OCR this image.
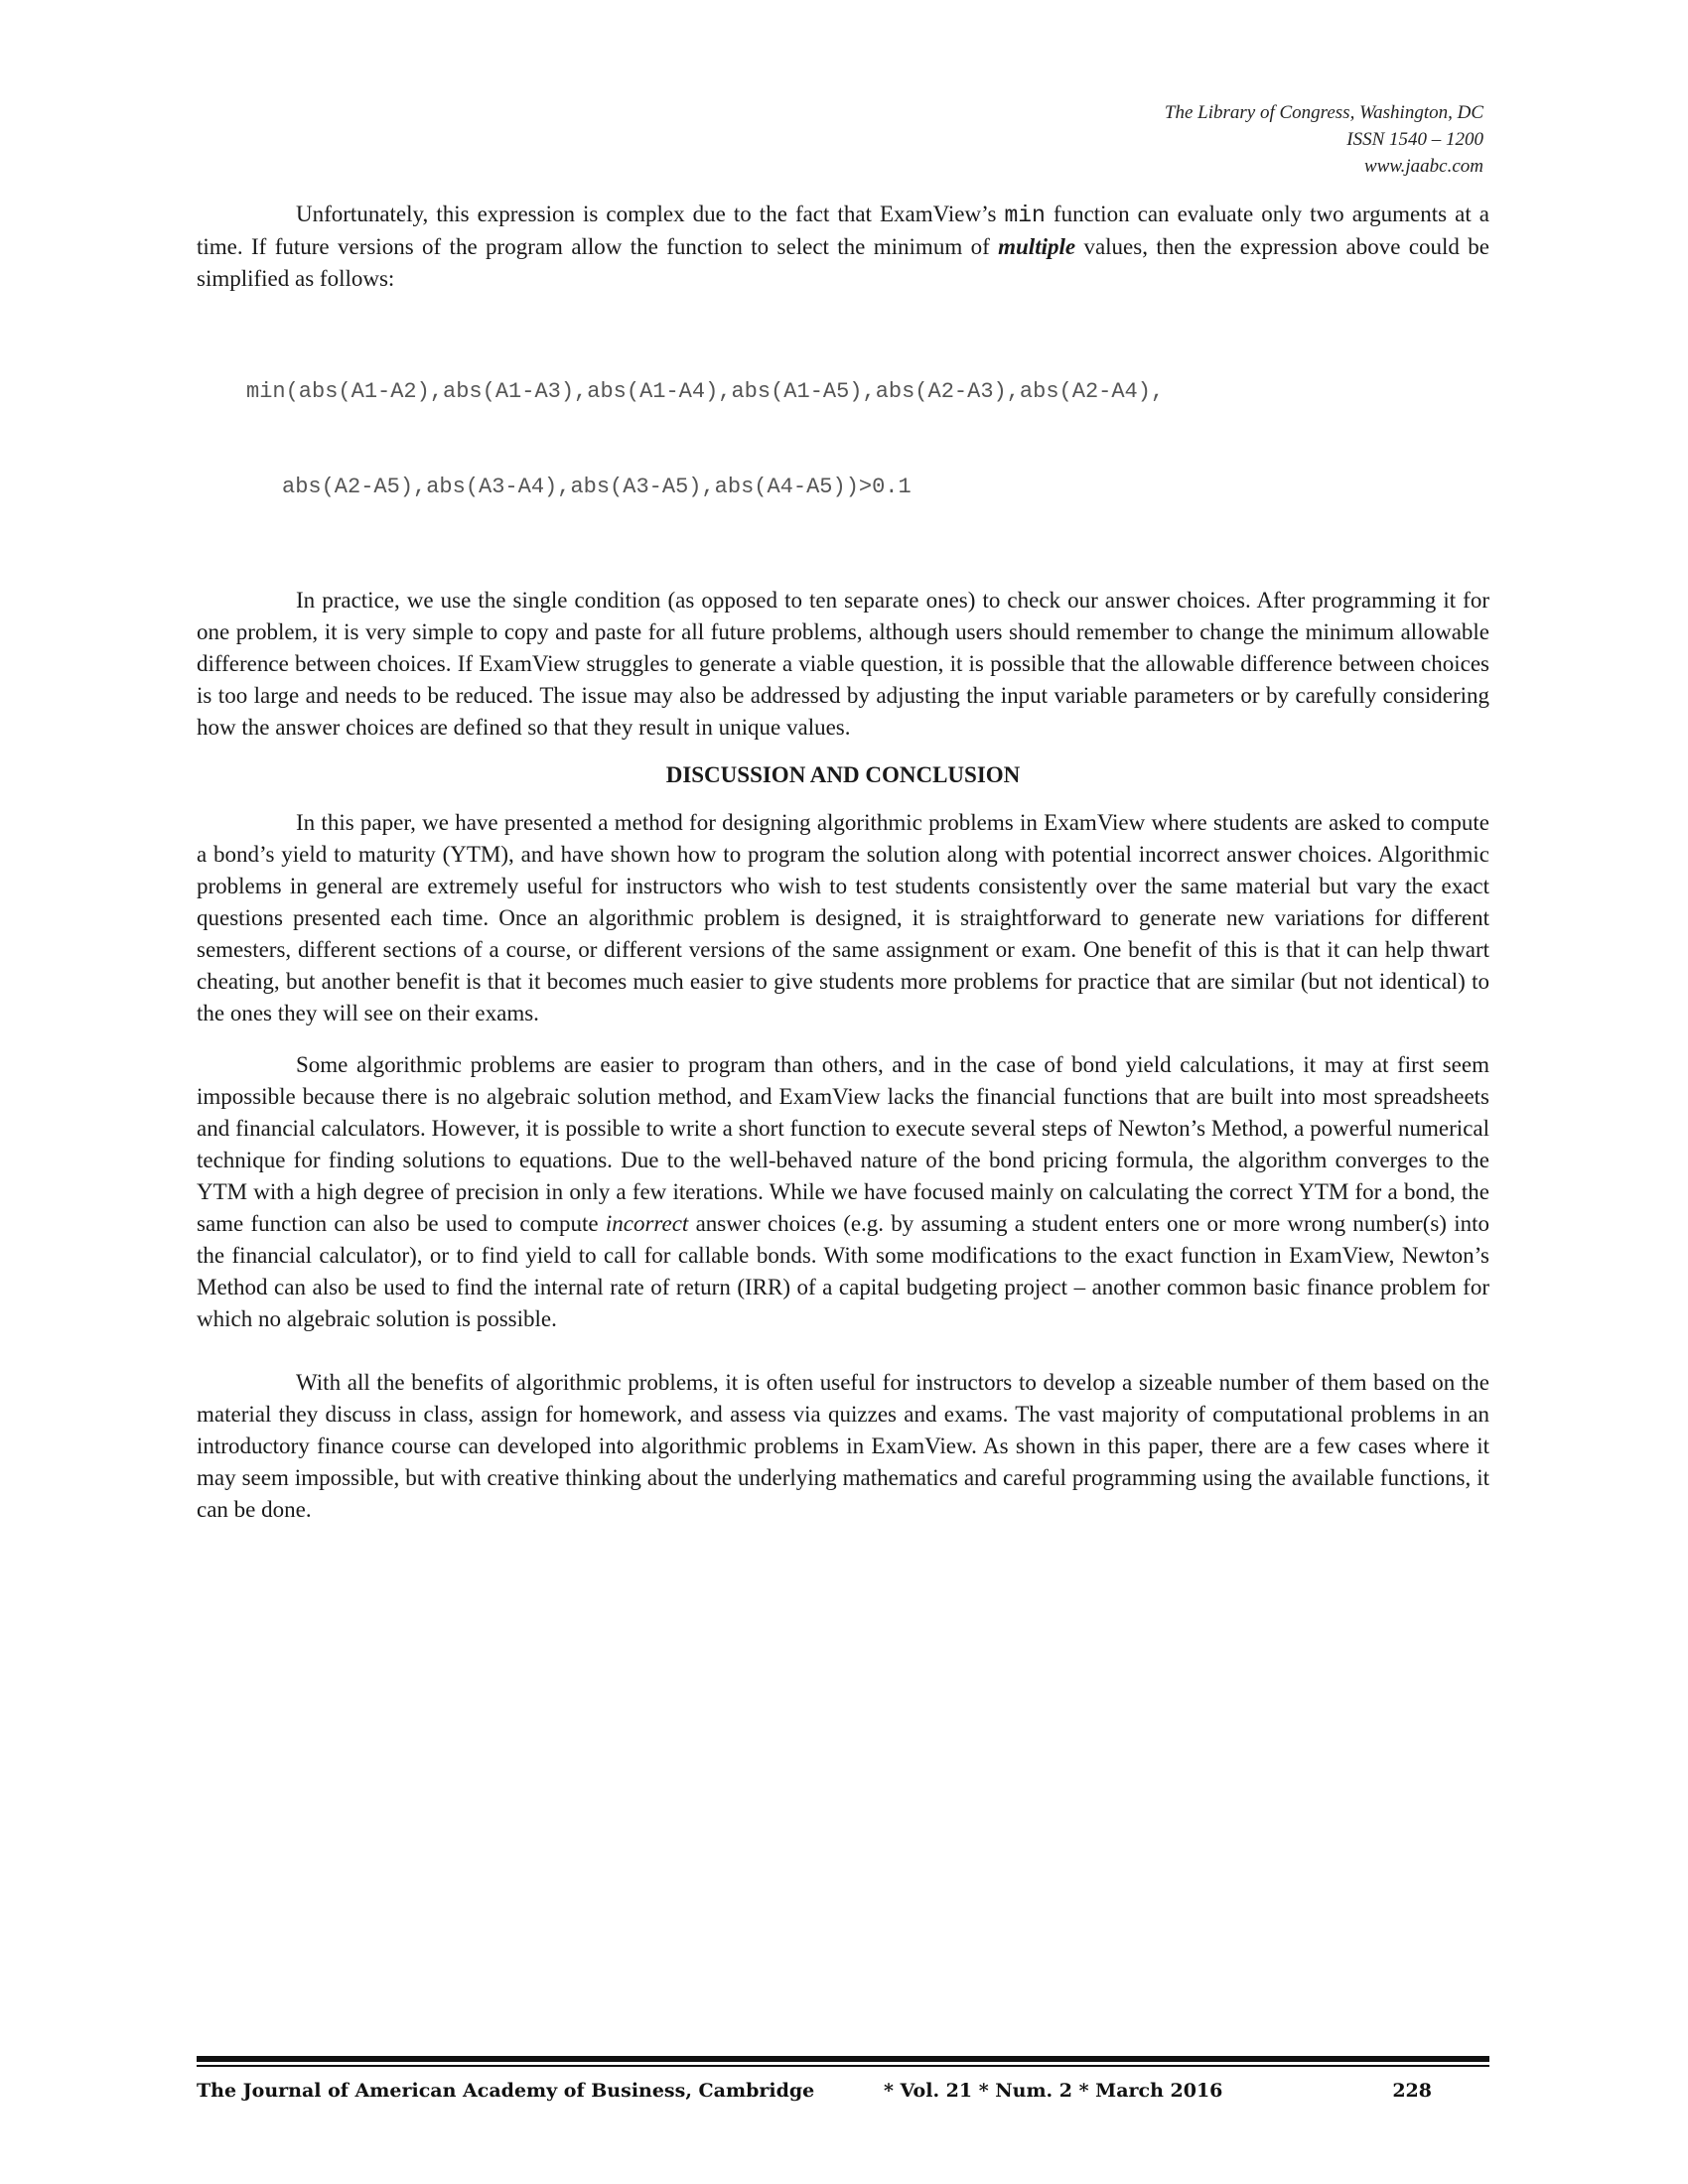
The Library of Congress, Washington, DC
ISSN 1540 – 1200
www.jaabc.com

Unfortunately, this expression is complex due to the fact that ExamView’s min function can evaluate only two arguments at a time. If future versions of the program allow the function to select the minimum of multiple values, then the expression above could be simplified as follows:

min(abs(A1-A2),abs(A1-A3),abs(A1-A4),abs(A1-A5),abs(A2-A3),abs(A2-A4),

abs(A2-A5),abs(A3-A4),abs(A3-A5),abs(A4-A5))>0.1

In practice, we use the single condition (as opposed to ten separate ones) to check our answer choices. After programming it for one problem, it is very simple to copy and paste for all future problems, although users should remember to change the minimum allowable difference between choices. If ExamView struggles to generate a viable question, it is possible that the allowable difference between choices is too large and needs to be reduced. The issue may also be addressed by adjusting the input variable parameters or by carefully considering how the answer choices are defined so that they result in unique values.

DISCUSSION AND CONCLUSION

In this paper, we have presented a method for designing algorithmic problems in ExamView where students are asked to compute a bond’s yield to maturity (YTM), and have shown how to program the solution along with potential incorrect answer choices. Algorithmic problems in general are extremely useful for instructors who wish to test students consistently over the same material but vary the exact questions presented each time. Once an algorithmic problem is designed, it is straightforward to generate new variations for different semesters, different sections of a course, or different versions of the same assignment or exam. One benefit of this is that it can help thwart cheating, but another benefit is that it becomes much easier to give students more problems for practice that are similar (but not identical) to the ones they will see on their exams.

Some algorithmic problems are easier to program than others, and in the case of bond yield calculations, it may at first seem impossible because there is no algebraic solution method, and ExamView lacks the financial functions that are built into most spreadsheets and financial calculators. However, it is possible to write a short function to execute several steps of Newton’s Method, a powerful numerical technique for finding solutions to equations. Due to the well-behaved nature of the bond pricing formula, the algorithm converges to the YTM with a high degree of precision in only a few iterations. While we have focused mainly on calculating the correct YTM for a bond, the same function can also be used to compute incorrect answer choices (e.g. by assuming a student enters one or more wrong number(s) into the financial calculator), or to find yield to call for callable bonds. With some modifications to the exact function in ExamView, Newton’s Method can also be used to find the internal rate of return (IRR) of a capital budgeting project – another common basic finance problem for which no algebraic solution is possible.

With all the benefits of algorithmic problems, it is often useful for instructors to develop a sizeable number of them based on the material they discuss in class, assign for homework, and assess via quizzes and exams. The vast majority of computational problems in an introductory finance course can developed into algorithmic problems in ExamView. As shown in this paper, there are a few cases where it may seem impossible, but with creative thinking about the underlying mathematics and careful programming using the available functions, it can be done.

The Journal of American Academy of Business, Cambridge	* Vol. 21 * Num. 2 * March 2016	228
